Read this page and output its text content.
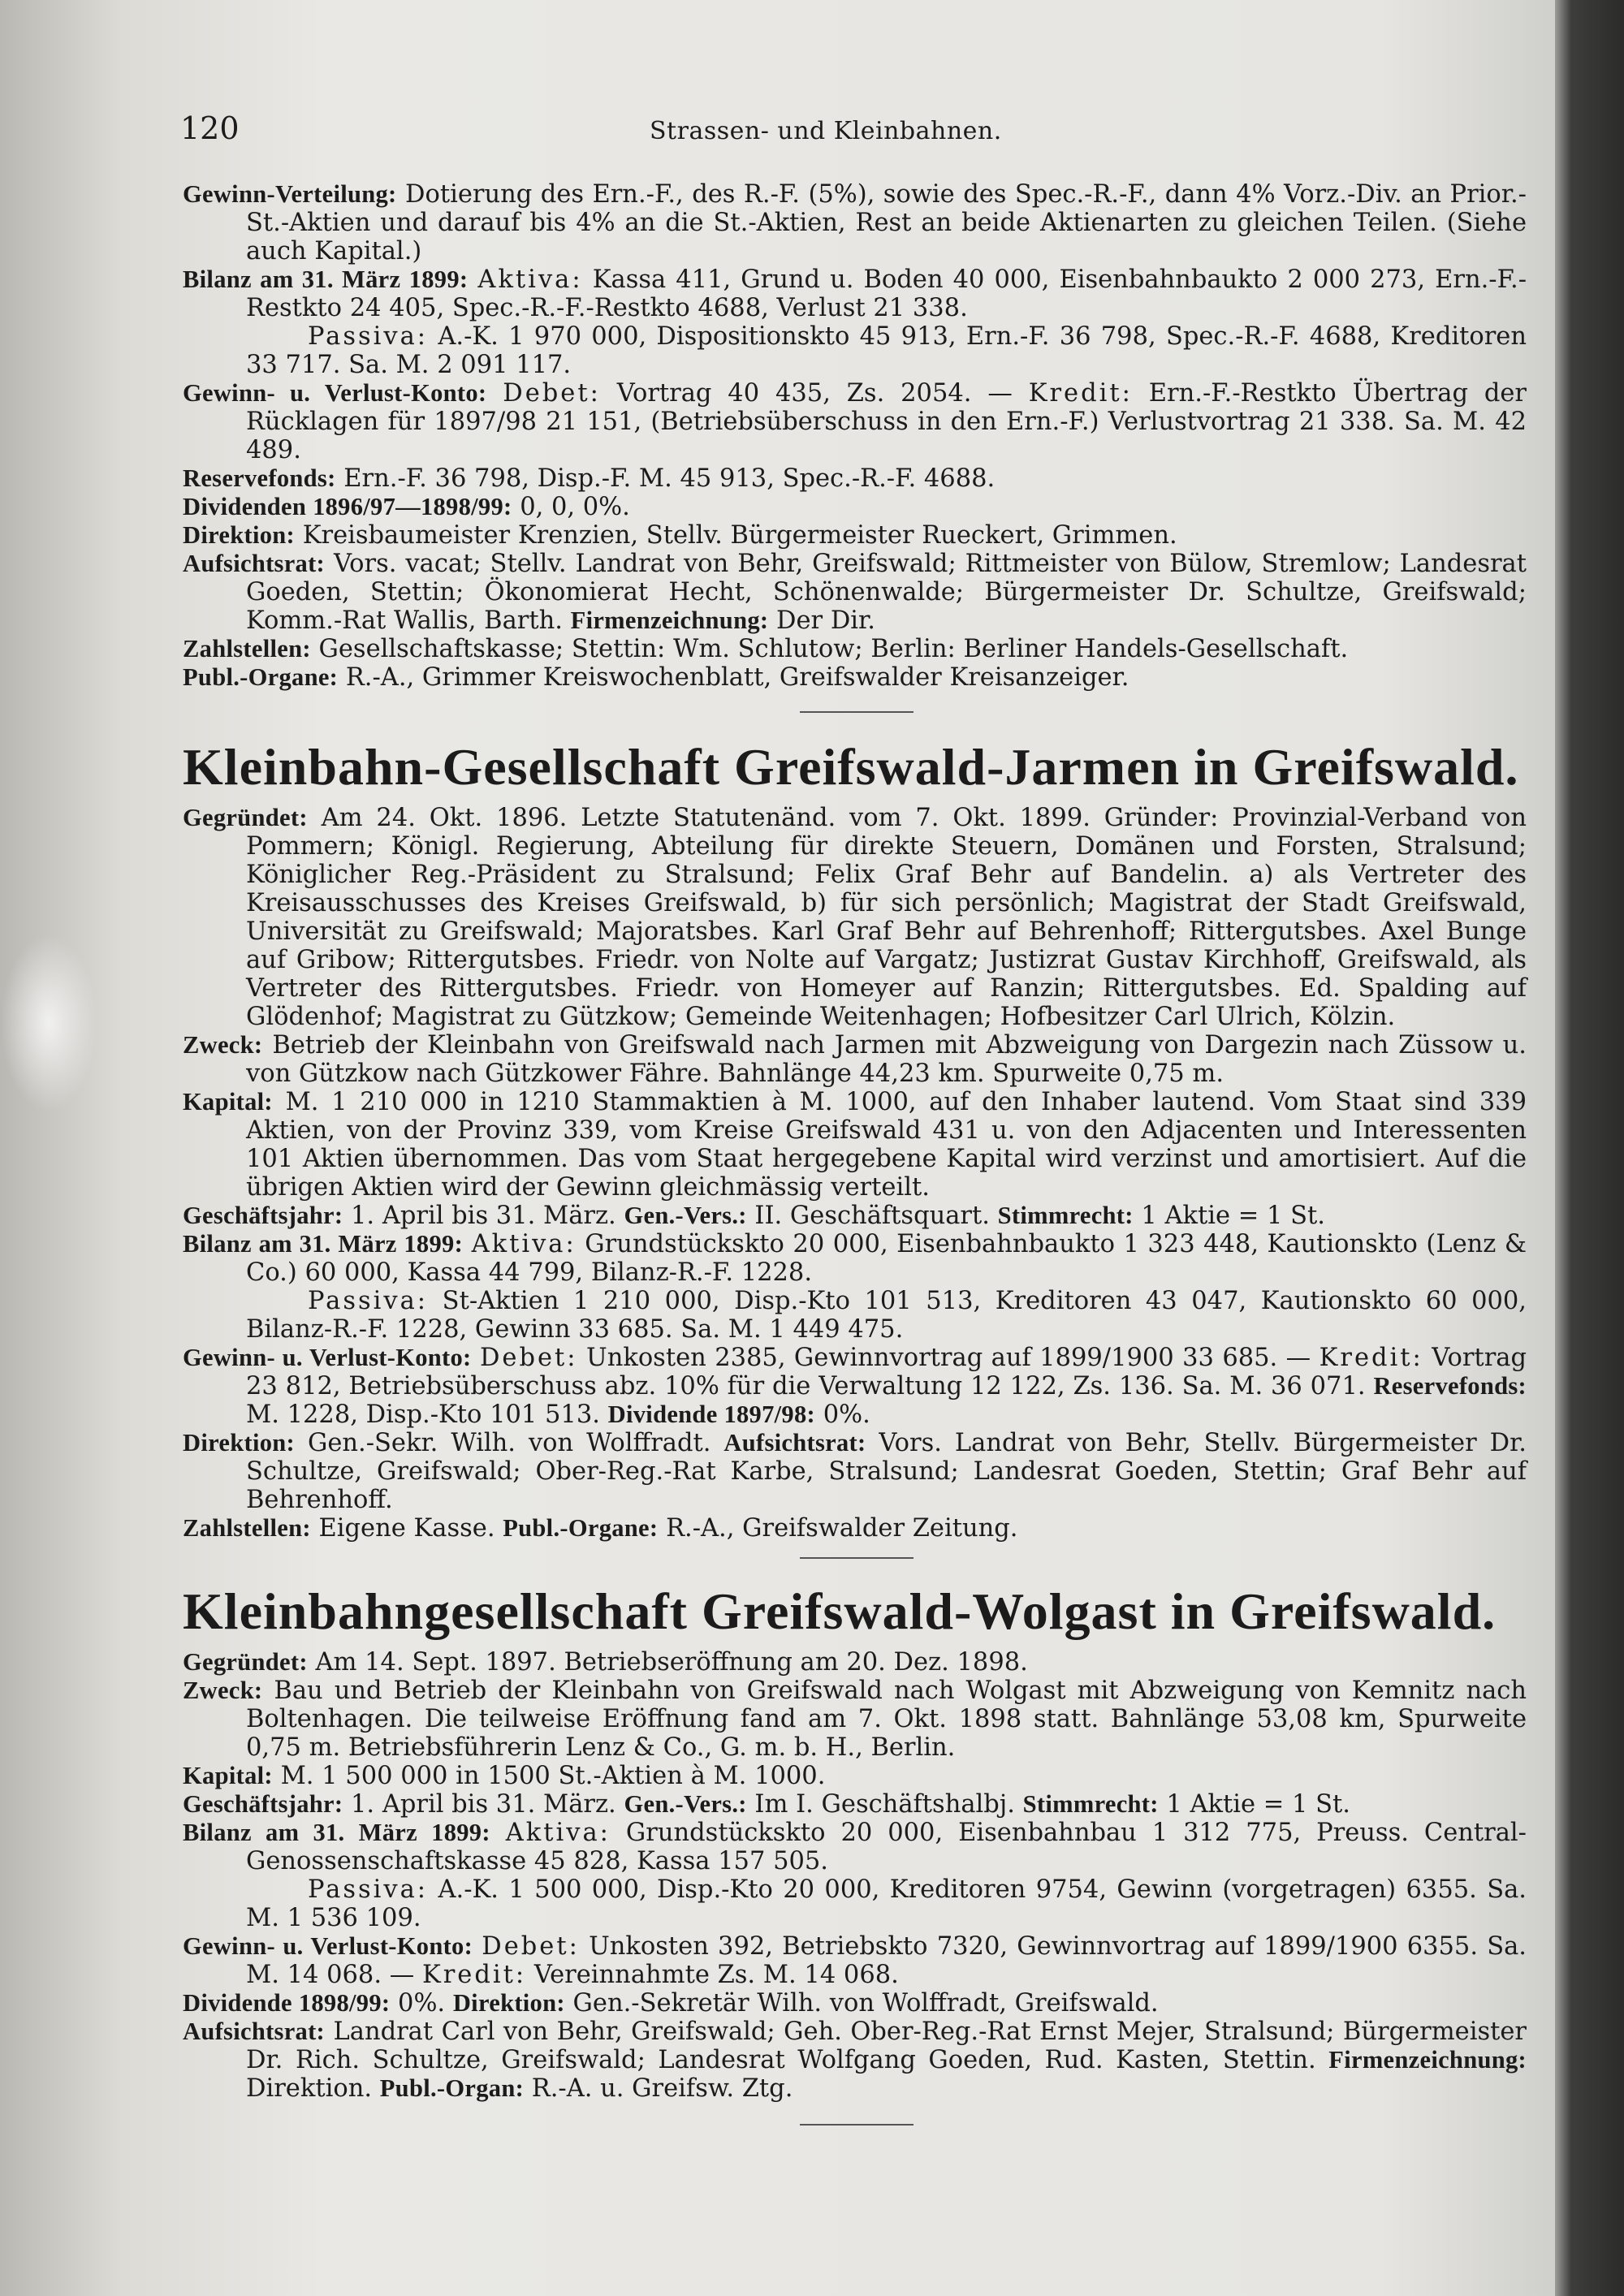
120	Strassen- und Kleinbahnen.

Gewinn-Verteilung: Dotierung des Ern.-F., des R.-F. (5%), sowie des Spec.-R.-F., dann 4% Vorz.-Div. an Prior.-St.-Aktien und darauf bis 4% an die St.-Aktien, Rest an beide Aktienarten zu gleichen Teilen. (Siehe auch Kapital.)

Bilanz am 31. März 1899: Aktiva: Kassa 411, Grund u. Boden 40 000, Eisenbahnbaukto 2 000 273, Ern.-F.-Restkto 24 405, Spec.-R.-F.-Restkto 4688, Verlust 21 338.
Passiva: A.-K. 1 970 000, Dispositionskto 45 913, Ern.-F. 36 798, Spec.-R.-F. 4688, Kreditoren 33 717. Sa. M. 2 091 117.

Gewinn- u. Verlust-Konto: Debet: Vortrag 40 435, Zs. 2054. — Kredit: Ern.-F.-Restkto Übertrag der Rücklagen für 1897/98 21 151, (Betriebsüberschuss in den Ern.-F.) Verlustvortrag 21 338. Sa. M. 42 489.

Reservefonds: Ern.-F. 36 798, Disp.-F. M. 45 913, Spec.-R.-F. 4688.

Dividenden 1896/97—1898/99: 0, 0, 0%.

Direktion: Kreisbaumeister Krenzien, Stellv. Bürgermeister Rueckert, Grimmen.

Aufsichtsrat: Vors. vacat; Stellv. Landrat von Behr, Greifswald; Rittmeister von Bülow, Stremlow; Landesrat Goeden, Stettin; Ökonomierat Hecht, Schönenwalde; Bürgermeister Dr. Schultze, Greifswald; Komm.-Rat Wallis, Barth. Firmenzeichnung: Der Dir.

Zahlstellen: Gesellschaftskasse; Stettin: Wm. Schlutow; Berlin: Berliner Handels-Gesellschaft.

Publ.-Organe: R.-A., Grimmer Kreiswochenblatt, Greifswalder Kreisanzeiger.

Kleinbahn-Gesellschaft Greifswald-Jarmen in Greifswald.

Gegründet: Am 24. Okt. 1896. Letzte Statutenänd. vom 7. Okt. 1899. Gründer: Provinzial-Verband von Pommern; Königl. Regierung, Abteilung für direkte Steuern, Domänen und Forsten, Stralsund; Königlicher Reg.-Präsident zu Stralsund; Felix Graf Behr auf Bandelin. a) als Vertreter des Kreisausschusses des Kreises Greifswald, b) für sich persönlich; Magistrat der Stadt Greifswald, Universität zu Greifswald; Majoratsbes. Karl Graf Behr auf Behrenhoff; Rittergutsbes. Axel Bunge auf Gribow; Rittergutsbes. Friedr. von Nolte auf Vargatz; Justizrat Gustav Kirchhoff, Greifswald, als Vertreter des Rittergutsbes. Friedr. von Homeyer auf Ranzin; Rittergutsbes. Ed. Spalding auf Glödenhof; Magistrat zu Gützkow; Gemeinde Weitenhagen; Hofbesitzer Carl Ulrich, Kölzin.

Zweck: Betrieb der Kleinbahn von Greifswald nach Jarmen mit Abzweigung von Dargezin nach Züssow u. von Gützkow nach Gützkower Fähre. Bahnlänge 44,23 km. Spurweite 0,75 m.

Kapital: M. 1 210 000 in 1210 Stammaktien à M. 1000, auf den Inhaber lautend. Vom Staat sind 339 Aktien, von der Provinz 339, vom Kreise Greifswald 431 u. von den Adjacenten und Interessenten 101 Aktien übernommen. Das vom Staat hergegebene Kapital wird verzinst und amortisiert. Auf die übrigen Aktien wird der Gewinn gleichmässig verteilt.

Geschäftsjahr: 1. April bis 31. März. Gen.-Vers.: II. Geschäftsquart. Stimmrecht: 1 Aktie = 1 St.

Bilanz am 31. März 1899: Aktiva: Grundstückskto 20 000, Eisenbahnbaukto 1 323 448, Kautionskto (Lenz & Co.) 60 000, Kassa 44 799, Bilanz-R.-F. 1228.
Passiva: St-Aktien 1 210 000, Disp.-Kto 101 513, Kreditoren 43 047, Kautionskto 60 000, Bilanz-R.-F. 1228, Gewinn 33 685. Sa. M. 1 449 475.

Gewinn- u. Verlust-Konto: Debet: Unkosten 2385, Gewinnvortrag auf 1899/1900 33 685. — Kredit: Vortrag 23 812, Betriebsüberschuss abz. 10% für die Verwaltung 12 122, Zs. 136. Sa. M. 36 071. Reservefonds: M. 1228, Disp.-Kto 101 513. Dividende 1897/98: 0%.

Direktion: Gen.-Sekr. Wilh. von Wolffradt. Aufsichtsrat: Vors. Landrat von Behr, Stellv. Bürgermeister Dr. Schultze, Greifswald; Ober-Reg.-Rat Karbe, Stralsund; Landesrat Goeden, Stettin; Graf Behr auf Behrenhoff.

Zahlstellen: Eigene Kasse. Publ.-Organe: R.-A., Greifswalder Zeitung.

Kleinbahngesellschaft Greifswald-Wolgast in Greifswald.

Gegründet: Am 14. Sept. 1897. Betriebseröffnung am 20. Dez. 1898.

Zweck: Bau und Betrieb der Kleinbahn von Greifswald nach Wolgast mit Abzweigung von Kemnitz nach Boltenhagen. Die teilweise Eröffnung fand am 7. Okt. 1898 statt. Bahnlänge 53,08 km, Spurweite 0,75 m. Betriebsführerin Lenz & Co., G. m. b. H., Berlin.

Kapital: M. 1 500 000 in 1500 St.-Aktien à M. 1000.

Geschäftsjahr: 1. April bis 31. März. Gen.-Vers.: Im I. Geschäftshalbj. Stimmrecht: 1 Aktie = 1 St.

Bilanz am 31. März 1899: Aktiva: Grundstückskto 20 000, Eisenbahnbau 1 312 775, Preuss. Central-Genossenschaftskasse 45 828, Kassa 157 505.
Passiva: A.-K. 1 500 000, Disp.-Kto 20 000, Kreditoren 9754, Gewinn (vorgetragen) 6355. Sa. M. 1 536 109.

Gewinn- u. Verlust-Konto: Debet: Unkosten 392, Betriebskto 7320, Gewinnvortrag auf 1899/1900 6355. Sa. M. 14 068. — Kredit: Vereinnahmte Zs. M. 14 068.

Dividende 1898/99: 0%. Direktion: Gen.-Sekretär Wilh. von Wolffradt, Greifswald.

Aufsichtsrat: Landrat Carl von Behr, Greifswald; Geh. Ober-Reg.-Rat Ernst Mejer, Stralsund; Bürgermeister Dr. Rich. Schultze, Greifswald; Landesrat Wolfgang Goeden, Rud. Kasten, Stettin. Firmenzeichnung: Direktion. Publ.-Organ: R.-A. u. Greifsw. Ztg.
